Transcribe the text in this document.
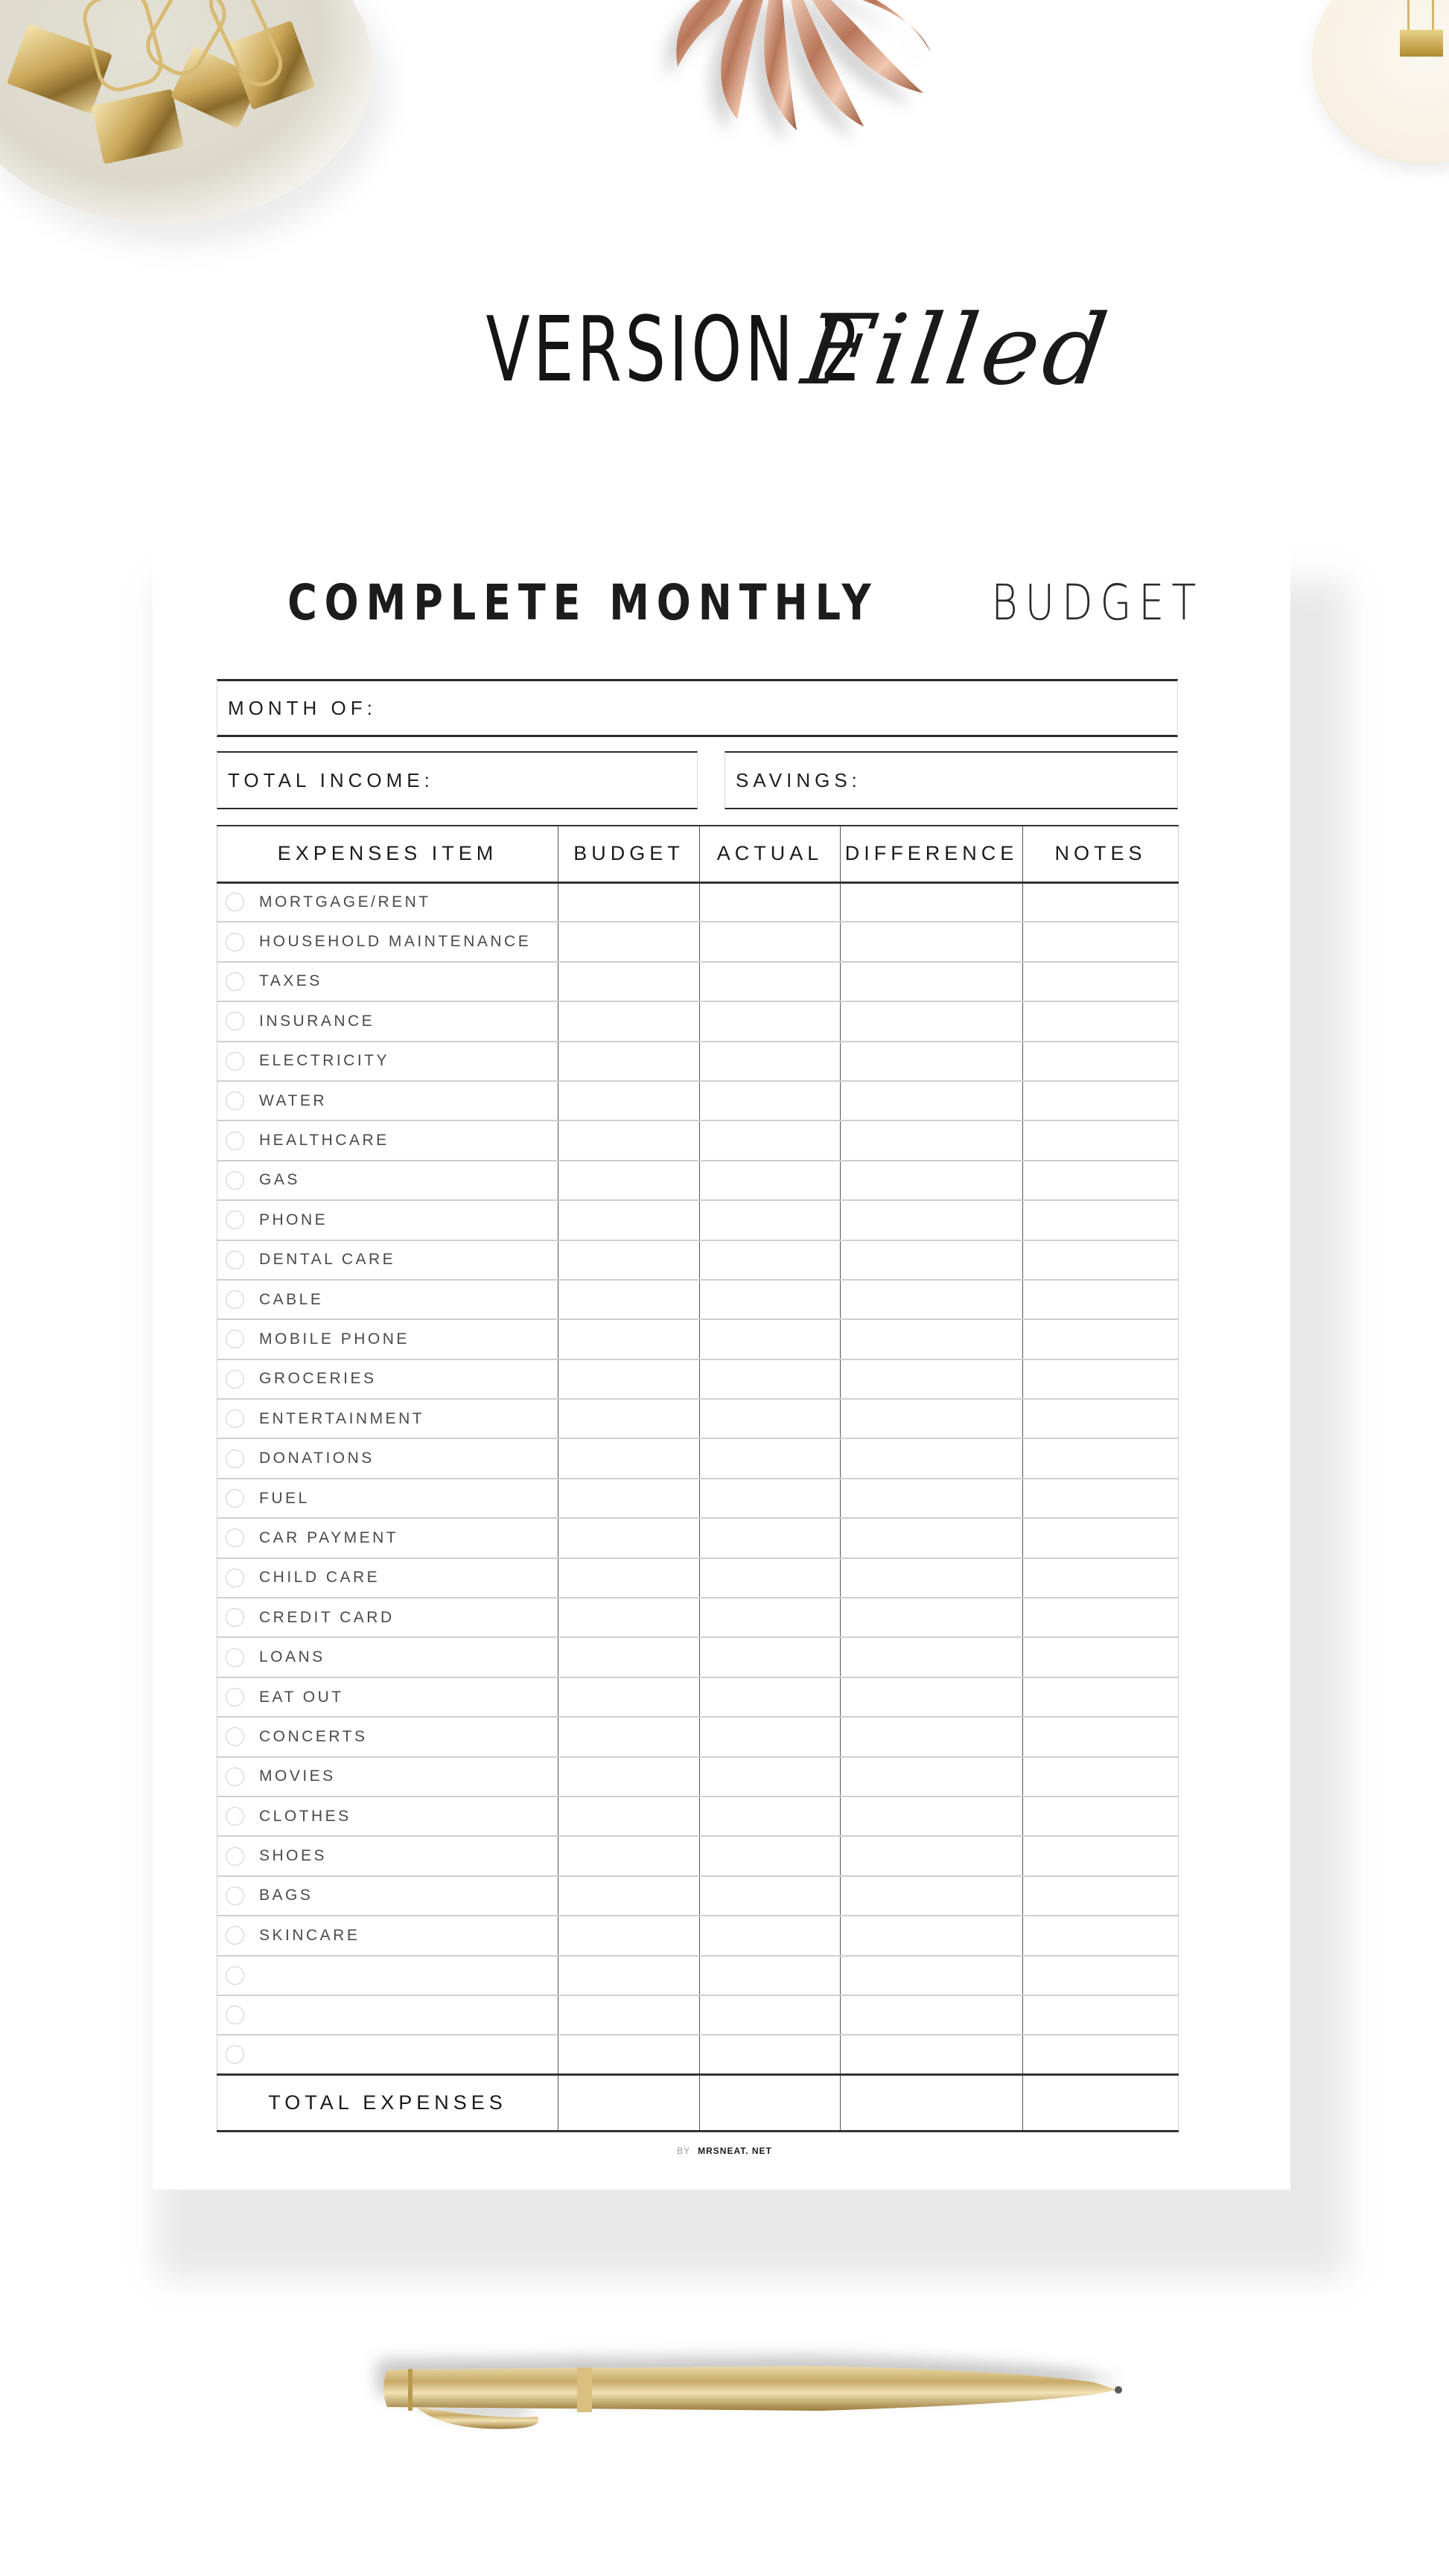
VERSION 2
Filled
COMPLETE MONTHLY BUDGET
MONTH OF:
TOTAL INCOME:	SAVINGS:
EXPENSES ITEM	BUDGET	ACTUAL	DIFFERENCE	NOTES

MORTGAGE/RENT				

HOUSEHOLD MAINTENANCE				

TAXES				

INSURANCE				

ELECTRICITY				

WATER				

HEALTHCARE				

GAS				

PHONE				

DENTAL CARE				

CABLE				

MOBILE PHONE				

GROCERIES				

ENTERTAINMENT				

DONATIONS				

FUEL				

CAR PAYMENT				

CHILD CARE				

CREDIT CARD				

LOANS				

EAT OUT				

CONCERTS				

MOVIES				

CLOTHES				

SHOES				

BAGS				

SKINCARE				

TOTAL EXPENSES				
BY MRSNEAT. NET
